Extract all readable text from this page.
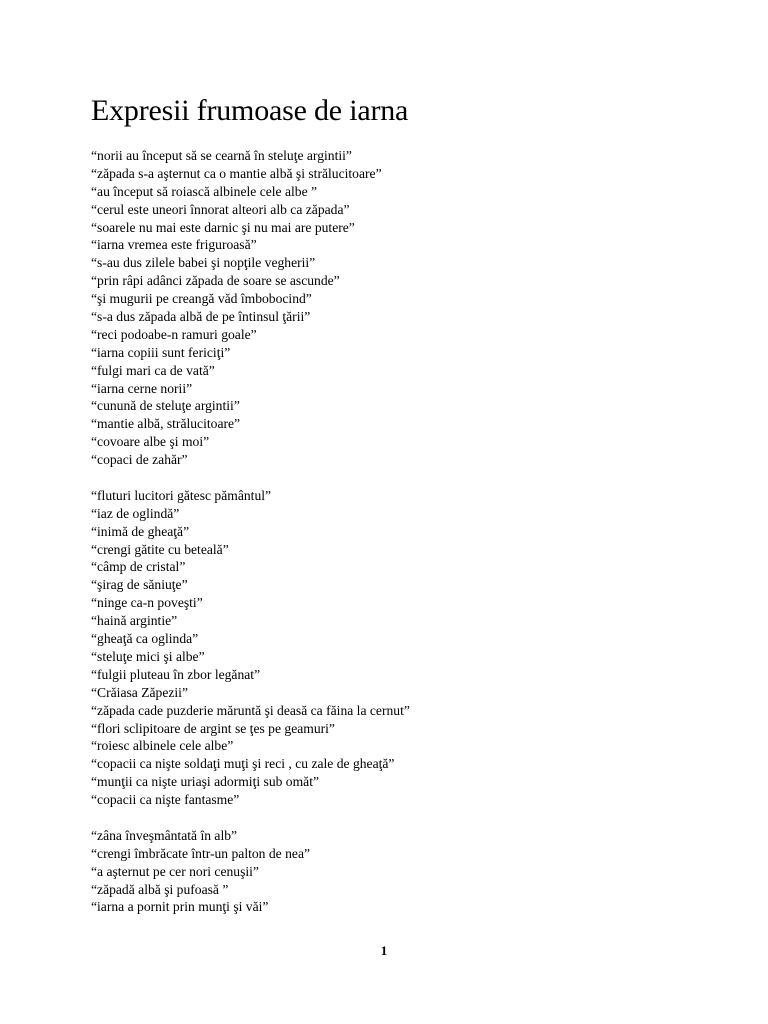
Expresii frumoase de iarna
“norii au început să se cearnă în steluţe argintii”
“zăpada s-a aşternut ca o mantie albă şi strălucitoare”
“au început să roiască albinele cele albe ”
“cerul este uneori înnorat alteori alb ca zăpada”
“soarele nu mai este darnic şi nu mai are putere”
“iarna vremea este friguroasă”
“s-au dus zilele babei şi nopţile vegherii”
“prin râpi adânci zăpada de soare se ascunde”
“şi mugurii pe creangă văd îmbobocind”
“s-a dus zăpada albă de pe întinsul ţării”
“reci podoabe-n ramuri goale”
“iarna copiii sunt fericiţi”
“fulgi mari ca de vată”
“iarna cerne norii”
“cunună de steluţe argintii”
“mantie albă, strălucitoare”
“covoare albe şi moi”
“copaci de zahăr”
“fluturi lucitori gătesc pământul”
“iaz de oglindă”
“inimă de gheaţă”
“crengi gătite cu beteală”
“câmp de cristal”
“şirag de săniuţe”
“ninge ca-n poveşti”
“haină argintie”
“gheaţă ca oglinda”
“steluţe mici şi albe”
“fulgii pluteau în zbor legănat”
“Crăiasa Zăpezii”
“zăpada cade puzderie măruntă şi deasă ca făina la cernut”
“flori sclipitoare de argint se ţes pe geamuri”
“roiesc albinele cele albe”
“copacii ca nişte soldaţi muţi şi reci , cu zale de gheaţă”
“munţii ca nişte uriaşi adormiţi sub omăt”
“copacii ca nişte fantasme”
“zâna înveşmântată în alb”
“crengi îmbrăcate într-un palton de nea”
“a aşternut pe cer nori cenuşii”
“zăpadă albă şi pufoasă ”
“iarna a pornit prin munţi şi văi”
1
